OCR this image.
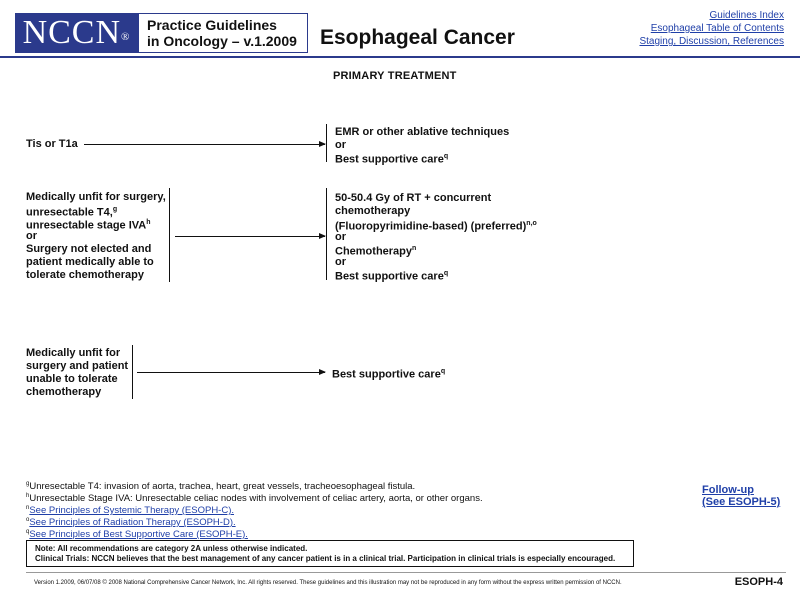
NCCN®
Practice Guidelines
in Oncology – v.1.2009	Esophageal Cancer
Guidelines Index
Esophageal Table of Contents
Staging, Discussion, References
PRIMARY TREATMENT
Tis or T1a
EMR or other ablative techniques
or
Best supportive care$^q$
Medically unfit for surgery,
unresectable T4,$^g$
unresectable stage IVA$^h$
or
Surgery not elected and
patient medically able to
tolerate chemotherapy
50-50.4 Gy of RT + concurrent
chemotherapy
(Fluoropyrimidine-based) (preferred)$^{n,o}$
or
Chemotherapy$^n$
or
Best supportive care$^q$
Medically unfit for
surgery and patient
unable to tolerate
chemotherapy
Best supportive care$^q$
$^g$Unresectable T4: invasion of aorta, trachea, heart, great vessels, tracheoesophageal fistula.
$^h$Unresectable Stage IVA: Unresectable celiac nodes with involvement of celiac artery, aorta, or other organs.
$^n$See Principles of Systemic Therapy (ESOPH-C).
$^o$See Principles of Radiation Therapy (ESOPH-D).
$^q$See Principles of Best Supportive Care (ESOPH-E).
Follow-up
(See ESOPH-5)
Note: All recommendations are category 2A unless otherwise indicated.
Clinical Trials: NCCN believes that the best management of any cancer patient is in a clinical trial. Participation in clinical trials is especially encouraged.
Version 1.2009, 06/07/08 © 2008 National Comprehensive Cancer Network, Inc. All rights reserved. These guidelines and this illustration may not be reproduced in any form without the express written permission of NCCN.	ESOPH-4
